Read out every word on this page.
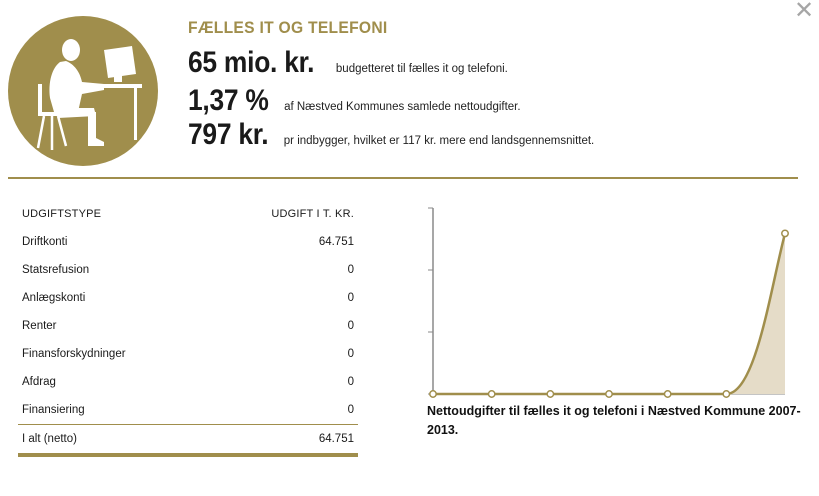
✕
FÆLLES IT OG TELEFONI
65 mio. kr. budgetteret til fælles it og telefoni.
1,37 % af Næstved Kommunes samlede nettoudgifter.
797 kr. pr indbygger, hvilket er 117 kr. mere end landsgennemsnittet.
UDGIFTSTYPE	UDGIFT I T. KR.
Driftkonti	64.751
Statsrefusion	0
Anlægskonti	0
Renter	0
Finansforskydninger	0
Afdrag	0
Finansiering	0
I alt (netto)	64.751
Nettoudgifter til fælles it og telefoni i Næstved Kommune 2007-2013.
